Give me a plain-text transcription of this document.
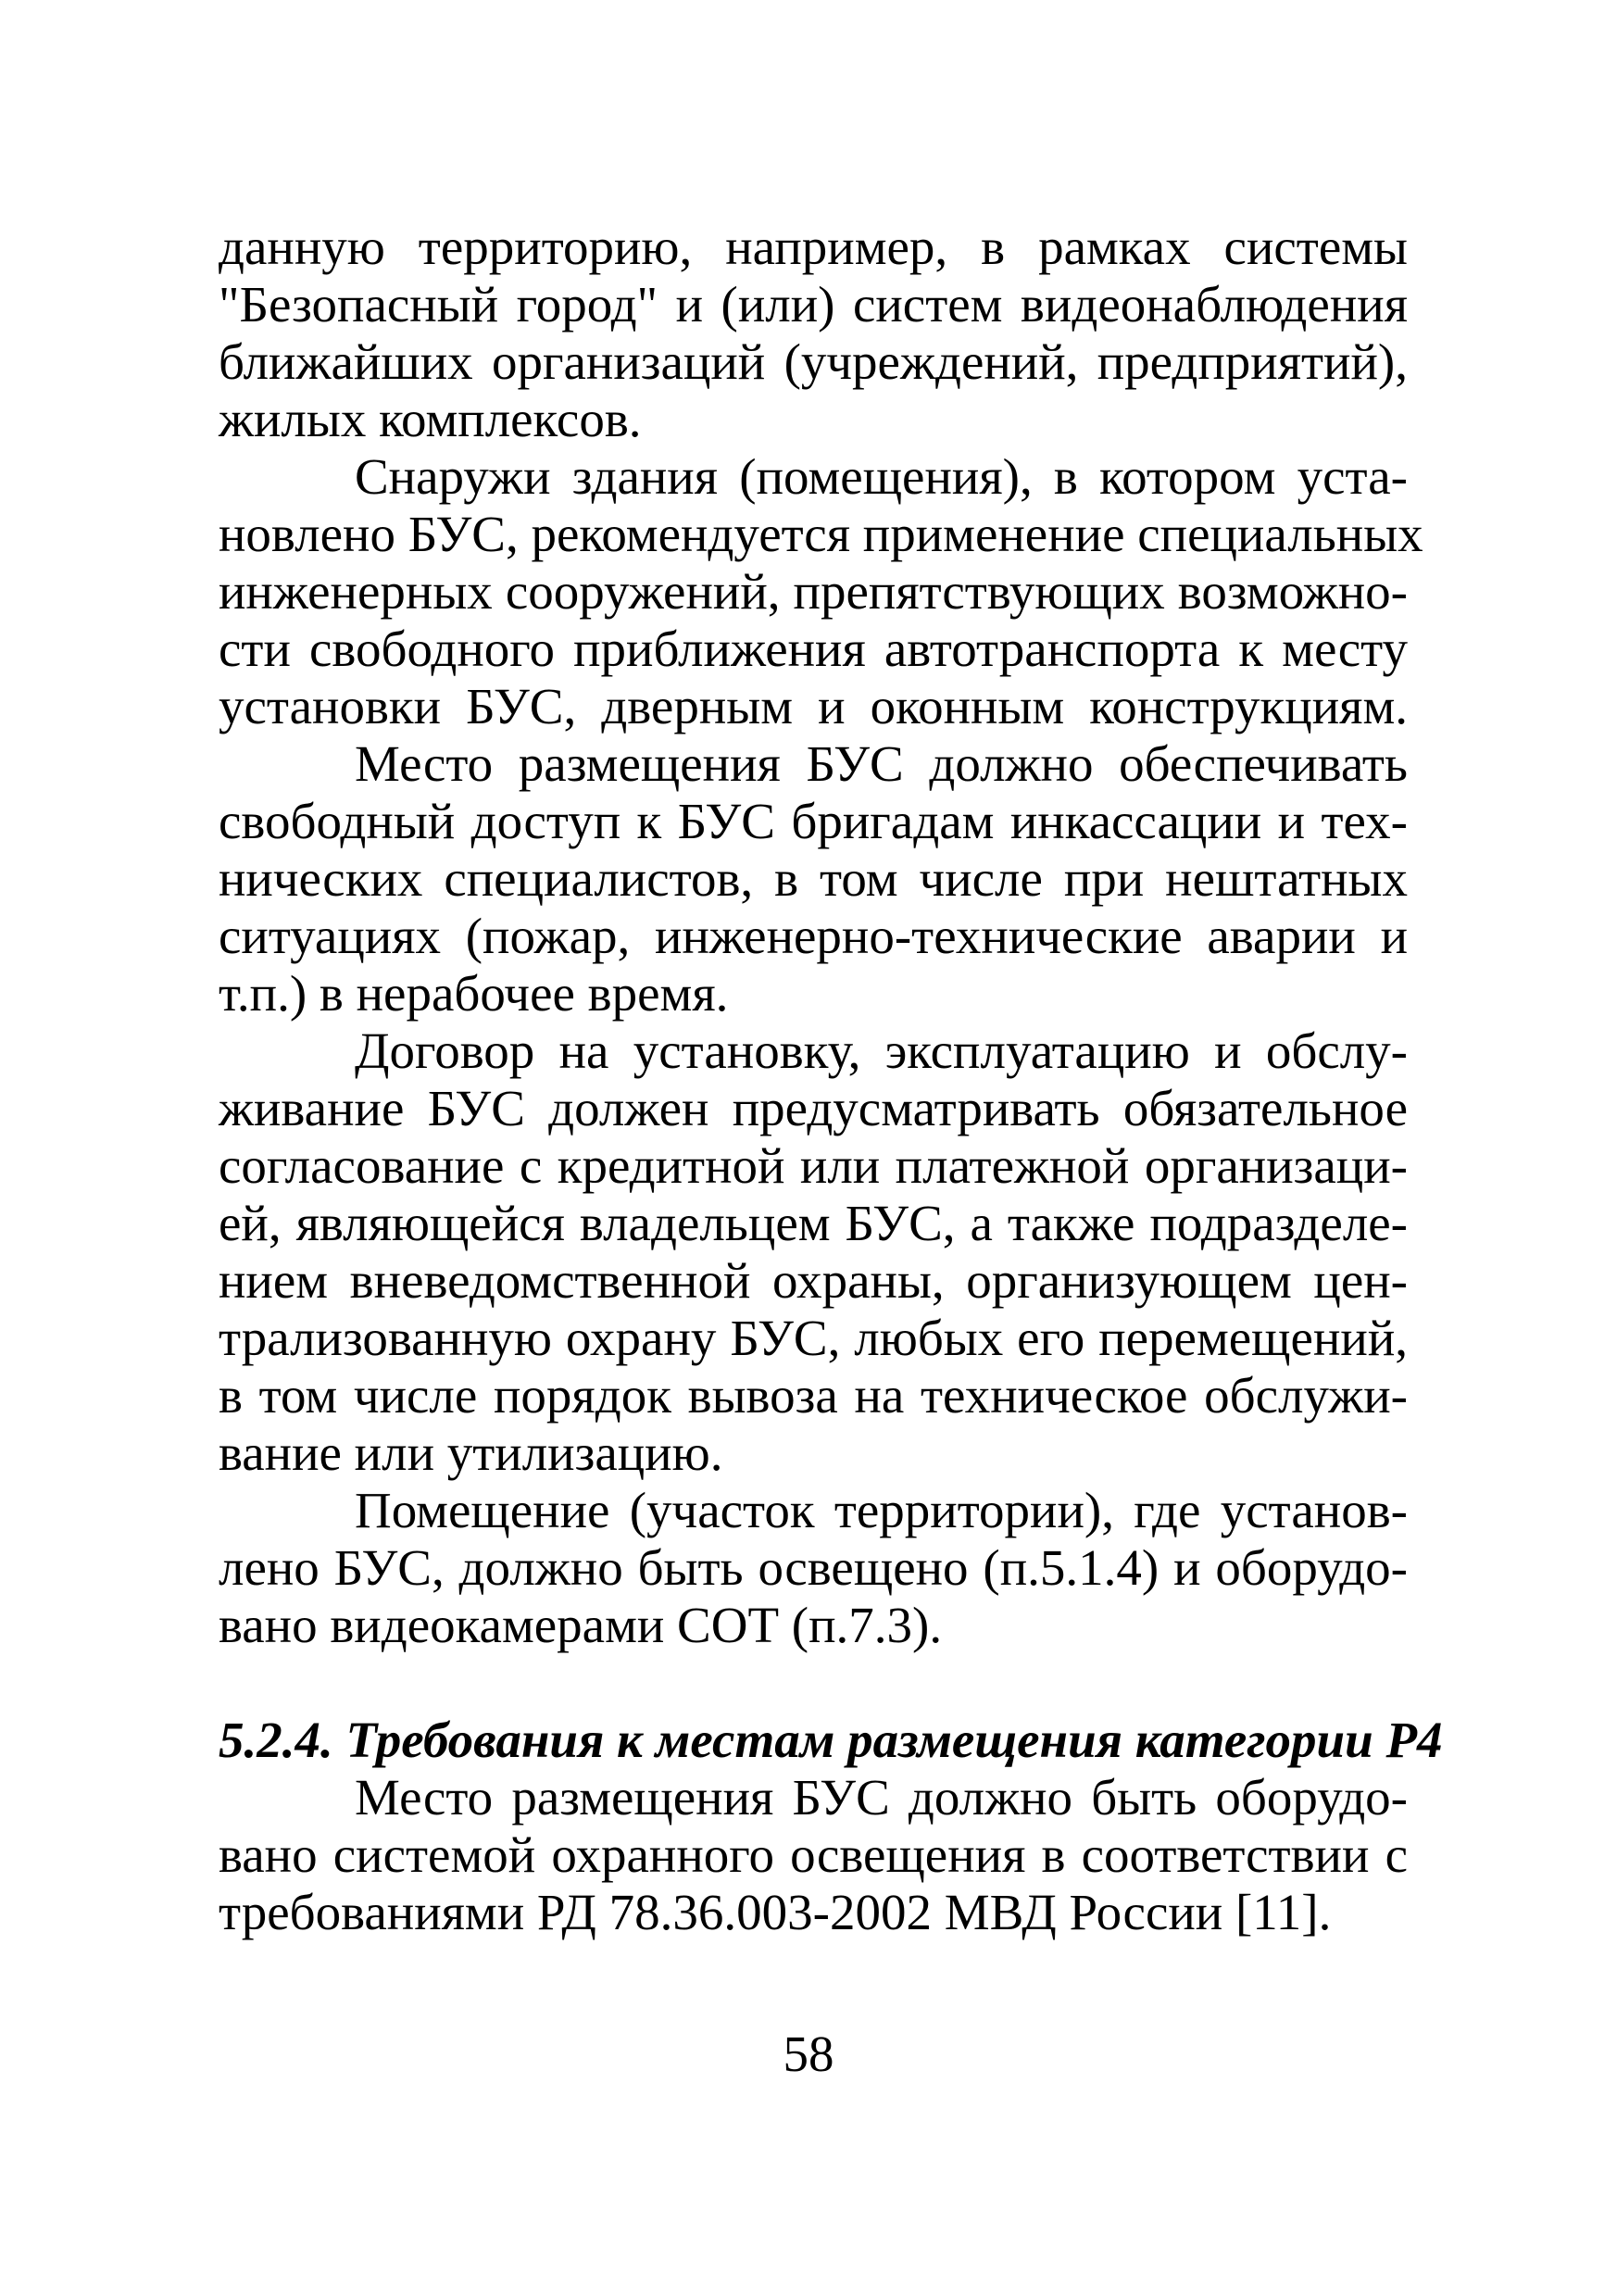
данную территорию, например, в рамках системы
"Безопасный город" и (или) систем видеонаблюдения
ближайших организаций (учреждений, предприятий),
жилых комплексов.
Снаружи здания (помещения), в котором уста-
новлено БУС, рекомендуется применение специальных
инженерных сооружений, препятствующих возможно-
сти свободного приближения автотранспорта к месту
установки БУС, дверным и оконным конструкциям.
Место размещения БУС должно обеспечивать
свободный доступ к БУС бригадам инкассации и тех-
нических специалистов, в том числе при нештатных
ситуациях (пожар, инженерно-технические аварии и
т.п.) в нерабочее время.
Договор на установку, эксплуатацию и обслу-
живание БУС должен предусматривать обязательное
согласование с кредитной или платежной организаци-
ей, являющейся владельцем БУС, а также подразделе-
нием вневедомственной охраны, организующем цен-
трализованную охрану БУС, любых его перемещений,
в том числе порядок вывоза на техническое обслужи-
вание или утилизацию.
Помещение (участок территории), где установ-
лено БУС, должно быть освещено (п.5.1.4) и оборудо-
вано видеокамерами СОТ (п.7.3).
5.2.4. Требования к местам размещения категории Р4
Место размещения БУС должно быть оборудо-
вано системой охранного освещения в соответствии с
требованиями РД 78.36.003-2002 МВД России [11].
58
